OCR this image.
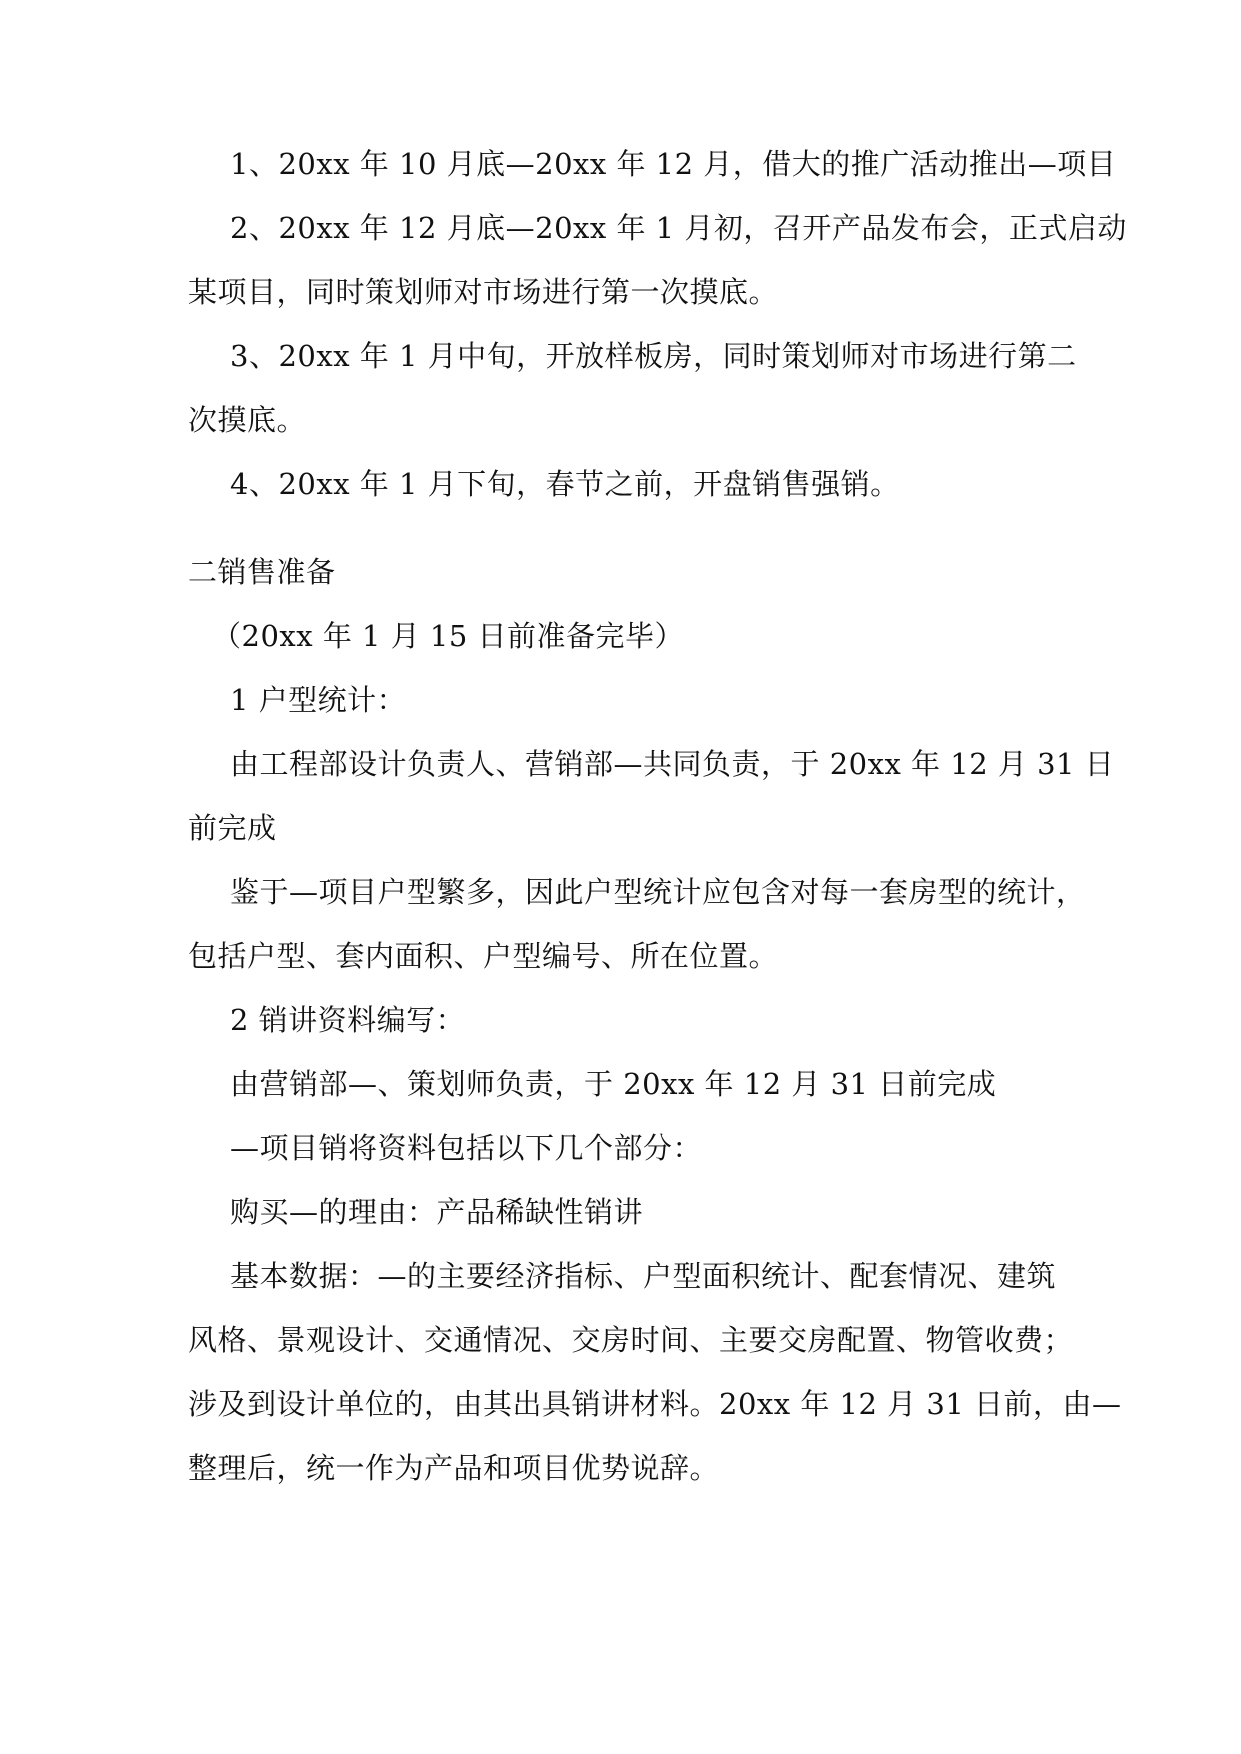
1、20xx 年 10 月底—20xx 年 12 月，借大的推广活动推出—项目
2、20xx 年 12 月底—20xx 年 1 月初，召开产品发布会，正式启动
某项目，同时策划师对市场进行第一次摸底。
3、20xx 年 1 月中旬，开放样板房，同时策划师对市场进行第二
次摸底。
4、20xx 年 1 月下旬，春节之前，开盘销售强销。
二销售准备
（20xx 年 1 月 15 日前准备完毕）
1 户型统计：
由工程部设计负责人、营销部—共同负责，于 20xx 年 12 月 31 日
前完成
鉴于—项目户型繁多，因此户型统计应包含对每一套房型的统计，
包括户型、套内面积、户型编号、所在位置。
2 销讲资料编写：
由营销部—、策划师负责，于 20xx 年 12 月 31 日前完成
—项目销将资料包括以下几个部分：
购买—的理由：产品稀缺性销讲
基本数据：—的主要经济指标、户型面积统计、配套情况、建筑
风格、景观设计、交通情况、交房时间、主要交房配置、物管收费；
涉及到设计单位的，由其出具销讲材料。20xx 年 12 月 31 日前，由—
整理后，统一作为产品和项目优势说辞。
